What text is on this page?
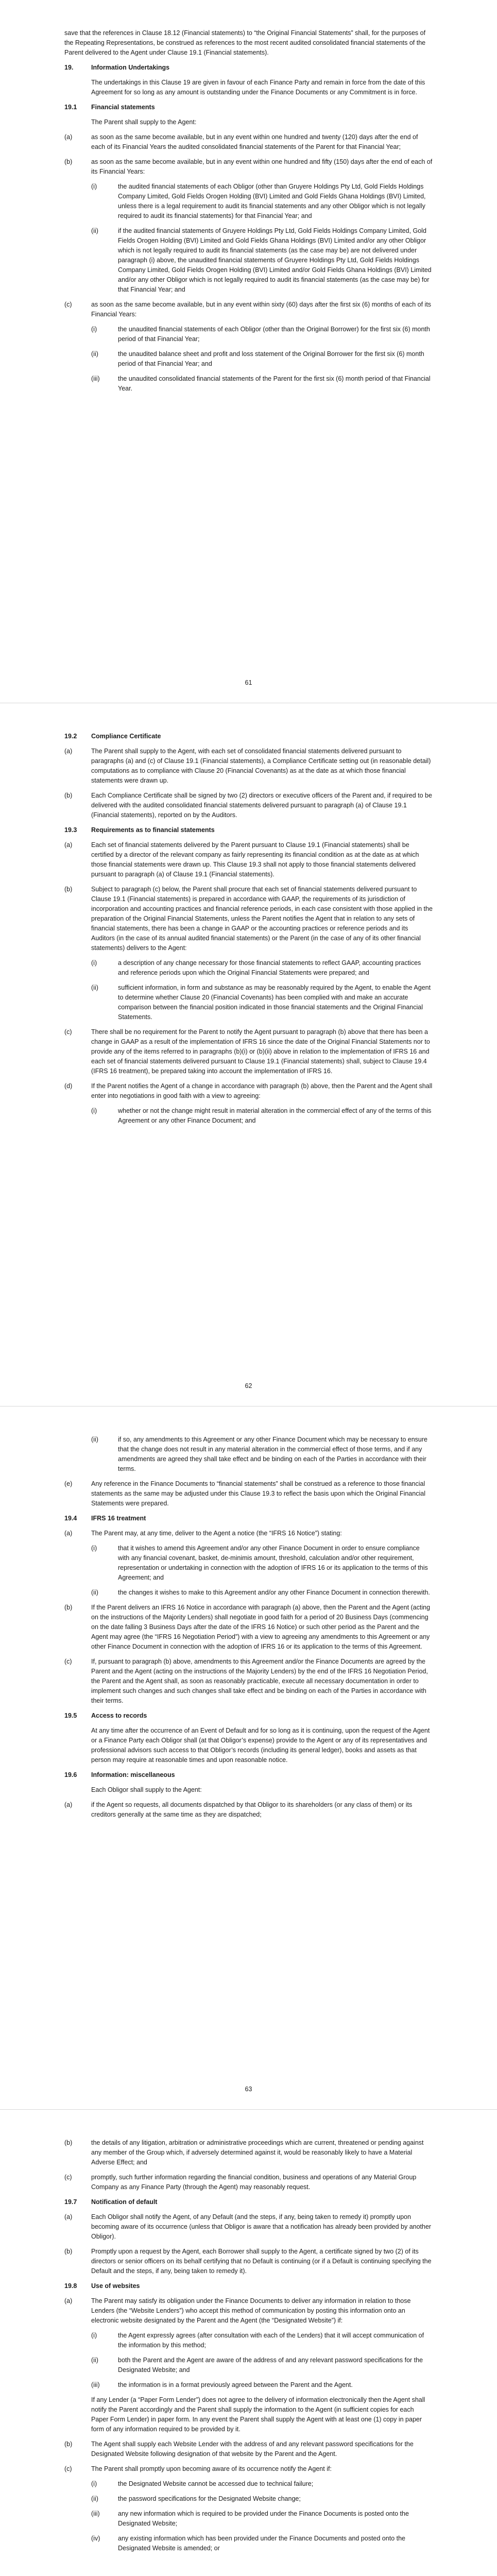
save that the references in Clause 18.12 (Financial statements) to “the Original Financial Statements” shall, for the purposes of the Repeating Representations, be construed as references to the most recent audited consolidated financial statements of the Parent delivered to the Agent under Clause 19.1 (Financial statements).

19.	Information Undertakings

The undertakings in this Clause 19 are given in favour of each Finance Party and remain in force from the date of this Agreement for so long as any amount is outstanding under the Finance Documents or any Commitment is in force.

19.1 Financial statements

The Parent shall supply to the Agent:

(a)	as soon as the same become available, but in any event within one hundred and twenty (120) days after the end of each of its Financial Years the audited consolidated financial statements of the Parent for that Financial Year;
(b)	as soon as the same become available, but in any event within one hundred and fifty (150) days after the end of each of its Financial Years:
(i)	the audited financial statements of each Obligor (other than Gruyere Holdings Pty Ltd, Gold Fields Holdings Company Limited, Gold Fields Orogen Holding (BVI) Limited and Gold Fields Ghana Holdings (BVI) Limited, unless there is a legal requirement to audit its financial statements and any other Obligor which is not legally required to audit its financial statements) for that Financial Year; and
(ii)	if the audited financial statements of Gruyere Holdings Pty Ltd, Gold Fields Holdings Company Limited, Gold Fields Orogen Holding (BVI) Limited and Gold Fields Ghana Holdings (BVI) Limited and/or any other Obligor which is not legally required to audit its financial statements (as the case may be) are not delivered under paragraph (i) above, the unaudited financial statements of Gruyere Holdings Pty Ltd, Gold Fields Holdings Company Limited, Gold Fields Orogen Holding (BVI) Limited and/or Gold Fields Ghana Holdings (BVI) Limited and/or any other Obligor which is not legally required to audit its financial statements (as the case may be) for that Financial Year; and
(c)	as soon as the same become available, but in any event within sixty (60) days after the first six (6) months of each of its Financial Years:
(i)	the unaudited financial statements of each Obligor (other than the Original Borrower) for the first six (6) month period of that Financial Year;
(ii)	the unaudited balance sheet and profit and loss statement of the Original Borrower for the first six (6) month period of that Financial Year; and
(iii)	the unaudited consolidated financial statements of the Parent for the first six (6) month period of that Financial Year.
61
19.2 Compliance Certificate
(a)	The Parent shall supply to the Agent, with each set of consolidated financial statements delivered pursuant to paragraphs (a) and (c) of Clause 19.1 (Financial statements), a Compliance Certificate setting out (in reasonable detail) computations as to compliance with Clause 20 (Financial Covenants) as at the date as at which those financial statements were drawn up.
(b)	Each Compliance Certificate shall be signed by two (2) directors or executive officers of the Parent and, if required to be delivered with the audited consolidated financial statements delivered pursuant to paragraph (a) of Clause 19.1 (Financial statements), reported on by the Auditors.
19.3 Requirements as to financial statements
(a)	Each set of financial statements delivered by the Parent pursuant to Clause 19.1 (Financial statements) shall be certified by a director of the relevant company as fairly representing its financial condition as at the date as at which those financial statements were drawn up. This Clause 19.3 shall not apply to those financial statements delivered pursuant to paragraph (a) of Clause 19.1 (Financial statements).
(b)	Subject to paragraph (c) below, the Parent shall procure that each set of financial statements delivered pursuant to Clause 19.1 (Financial statements) is prepared in accordance with GAAP, the requirements of its jurisdiction of incorporation and accounting practices and financial reference periods, in each case consistent with those applied in the preparation of the Original Financial Statements, unless the Parent notifies the Agent that in relation to any sets of financial statements, there has been a change in GAAP or the accounting practices or reference periods and its Auditors (in the case of its annual audited financial statements) or the Parent (in the case of any of its other financial statements) delivers to the Agent:
(i)	a description of any change necessary for those financial statements to reflect GAAP, accounting practices and reference periods upon which the Original Financial Statements were prepared; and
(ii)	sufficient information, in form and substance as may be reasonably required by the Agent, to enable the Agent to determine whether Clause 20 (Financial Covenants) has been complied with and make an accurate comparison between the financial position indicated in those financial statements and the Original Financial Statements.
(c)	There shall be no requirement for the Parent to notify the Agent pursuant to paragraph (b) above that there has been a change in GAAP as a result of the implementation of IFRS 16 since the date of the Original Financial Statements nor to provide any of the items referred to in paragraphs (b)(i) or (b)(ii) above in relation to the implementation of IFRS 16 and each set of financial statements delivered pursuant to Clause 19.1 (Financial statements) shall, subject to Clause 19.4 (IFRS 16 treatment), be prepared taking into account the implementation of IFRS 16.
(d)	If the Parent notifies the Agent of a change in accordance with paragraph (b) above, then the Parent and the Agent shall enter into negotiations in good faith with a view to agreeing:
(i)	whether or not the change might result in material alteration in the commercial effect of any of the terms of this Agreement or any other Finance Document; and
62
(ii)	if so, any amendments to this Agreement or any other Finance Document which may be necessary to ensure that the change does not result in any material alteration in the commercial effect of those terms, and if any amendments are agreed they shall take effect and be binding on each of the Parties in accordance with their terms.
(e)	Any reference in the Finance Documents to “financial statements” shall be construed as a reference to those financial statements as the same may be adjusted under this Clause 19.3 to reflect the basis upon which the Original Financial Statements were prepared.
19.4 IFRS 16 treatment
(a)	The Parent may, at any time, deliver to the Agent a notice (the “IFRS 16 Notice”) stating:
(i)	that it wishes to amend this Agreement and/or any other Finance Document in order to ensure compliance with any financial covenant, basket, de-minimis amount, threshold, calculation and/or other requirement, representation or undertaking in connection with the adoption of IFRS 16 or its application to the terms of this Agreement; and
(ii)	the changes it wishes to make to this Agreement and/or any other Finance Document in connection therewith.
(b)	If the Parent delivers an IFRS 16 Notice in accordance with paragraph (a) above, then the Parent and the Agent (acting on the instructions of the Majority Lenders) shall negotiate in good faith for a period of 20 Business Days (commencing on the date falling 3 Business Days after the date of the IFRS 16 Notice) or such other period as the Parent and the Agent may agree (the “IFRS 16 Negotiation Period”) with a view to agreeing any amendments to this Agreement or any other Finance Document in connection with the adoption of IFRS 16 or its application to the terms of this Agreement.
(c)	If, pursuant to paragraph (b) above, amendments to this Agreement and/or the Finance Documents are agreed by the Parent and the Agent (acting on the instructions of the Majority Lenders) by the end of the IFRS 16 Negotiation Period, the Parent and the Agent shall, as soon as reasonably practicable, execute all necessary documentation in order to implement such changes and such changes shall take effect and be binding on each of the Parties in accordance with their terms.
19.5 Access to records

At any time after the occurrence of an Event of Default and for so long as it is continuing, upon the request of the Agent or a Finance Party each Obligor shall (at that Obligor’s expense) provide to the Agent or any of its representatives and professional advisors such access to that Obligor’s records (including its general ledger), books and assets as that person may require at reasonable times and upon reasonable notice.

19.6 Information: miscellaneous

Each Obligor shall supply to the Agent:

(a)	if the Agent so requests, all documents dispatched by that Obligor to its shareholders (or any class of them) or its creditors generally at the same time as they are dispatched;
63
(b)	the details of any litigation, arbitration or administrative proceedings which are current, threatened or pending against any member of the Group which, if adversely determined against it, would be reasonably likely to have a Material Adverse Effect; and
(c)	promptly, such further information regarding the financial condition, business and operations of any Material Group Company as any Finance Party (through the Agent) may reasonably request.
19.7 Notification of default
(a)	Each Obligor shall notify the Agent, of any Default (and the steps, if any, being taken to remedy it) promptly upon becoming aware of its occurrence (unless that Obligor is aware that a notification has already been provided by another Obligor).
(b)	Promptly upon a request by the Agent, each Borrower shall supply to the Agent, a certificate signed by two (2) of its directors or senior officers on its behalf certifying that no Default is continuing (or if a Default is continuing specifying the Default and the steps, if any, being taken to remedy it).
19.8 Use of websites
(a)	The Parent may satisfy its obligation under the Finance Documents to deliver any information in relation to those Lenders (the “Website Lenders”) who accept this method of communication by posting this information onto an electronic website designated by the Parent and the Agent (the “Designated Website”) if:
(i)	the Agent expressly agrees (after consultation with each of the Lenders) that it will accept communication of the information by this method;
(ii)	both the Parent and the Agent are aware of the address of and any relevant password specifications for the Designated Website; and
(iii)	the information is in a format previously agreed between the Parent and the Agent.

If any Lender (a “Paper Form Lender”) does not agree to the delivery of information electronically then the Agent shall notify the Parent accordingly and the Parent shall supply the information to the Agent (in sufficient copies for each Paper Form Lender) in paper form. In any event the Parent shall supply the Agent with at least one (1) copy in paper form of any information required to be provided by it.

(b)	The Agent shall supply each Website Lender with the address of and any relevant password specifications for the Designated Website following designation of that website by the Parent and the Agent.
(c)	The Parent shall promptly upon becoming aware of its occurrence notify the Agent if:
(i)	the Designated Website cannot be accessed due to technical failure;
(ii)	the password specifications for the Designated Website change;
(iii)	any new information which is required to be provided under the Finance Documents is posted onto the Designated Website;
(iv)	any existing information which has been provided under the Finance Documents and posted onto the Designated Website is amended; or
